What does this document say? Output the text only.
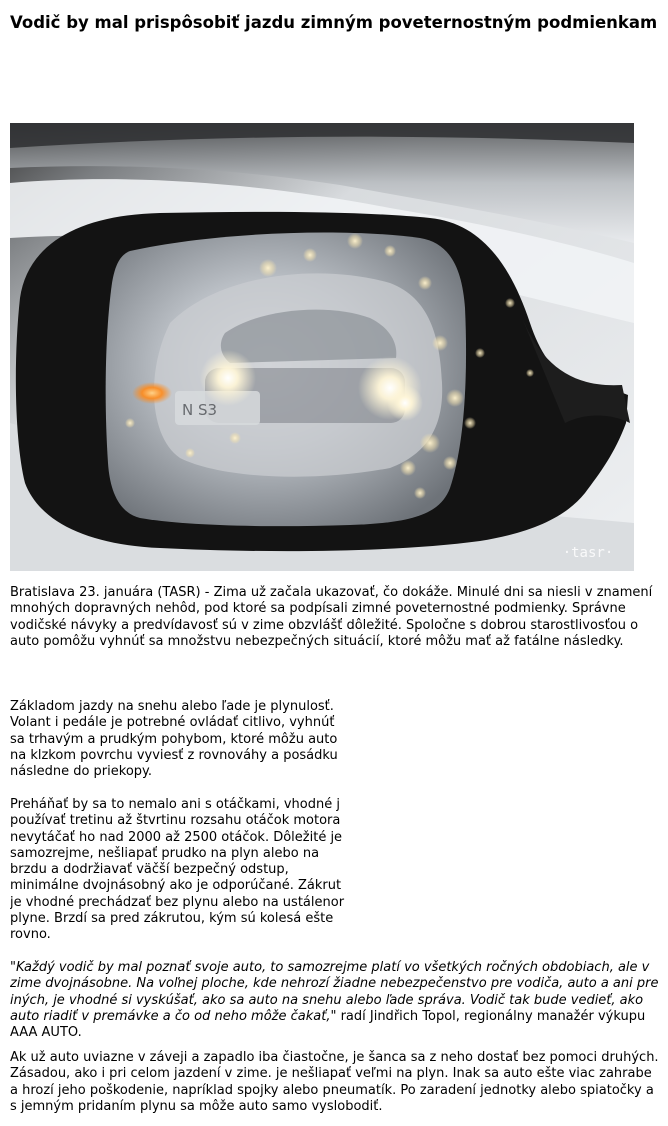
Vodič by mal prispôsobiť jazdu zimným poveternostným podmienkam
N S3
·tasr·

Bratislava 23. januára (TASR) - Zima už začala ukazovať, čo dokáže. Minulé dni sa niesli v znamení mnohých dopravných nehôd, pod ktoré sa podpísali zimné poveternostné podmienky. Správne vodičské návyky a predvídavosť sú v zime obzvlášť dôležité. Spoločne s dobrou starostlivosťou o auto pomôžu vyhnúť sa množstvu nebezpečných situácií, ktoré môžu mať až fatálne následky.

Základom jazdy na snehu alebo ľade je plynulosť.
Volant i pedále je potrebné ovládať citlivo, vyhnúť
sa trhavým a prudkým pohybom, ktoré môžu auto
na klzkom povrchu vyviesť z rovnováhy a posádku
následne do priekopy.
Preháňať by sa to nemalo ani s otáčkami, vhodné j
používať tretinu až štvrtinu rozsahu otáčok motora
nevytáčať ho nad 2000 až 2500 otáčok. Dôležité je
samozrejme, nešliapať prudko na plyn alebo na
brzdu a dodržiavať väčší bezpečný odstup,
minimálne dvojnásobný ako je odporúčané. Zákrut
je vhodné prechádzať bez plynu alebo na ustálenor
plyne. Brzdí sa pred zákrutou, kým sú kolesá ešte
rovno.

"Každý vodič by mal poznať svoje auto, to samozrejme platí vo všetkých ročných obdobiach, ale v zime dvojnásobne. Na voľnej ploche, kde nehrozí žiadne nebezpečenstvo pre vodiča, auto a ani pre iných, je vhodné si vyskúšať, ako sa auto na snehu alebo ľade správa. Vodič tak bude vedieť, ako auto riadiť v premávke a čo od neho môže čakať," radí Jindřich Topol, regionálny manažér výkupu AAA AUTO.

Ak už auto uviazne v záveji a zapadlo iba čiastočne, je šanca sa z neho dostať bez pomoci druhých. Zásadou, ako i pri celom jazdení v zime. je nešliapať veľmi na plyn. Inak sa auto ešte viac zahrabe a hrozí jeho poškodenie, napríklad spojky alebo pneumatík. Po zaradení jednotky alebo spiatočky a s jemným pridaním plynu sa môže auto samo vyslobodiť.
